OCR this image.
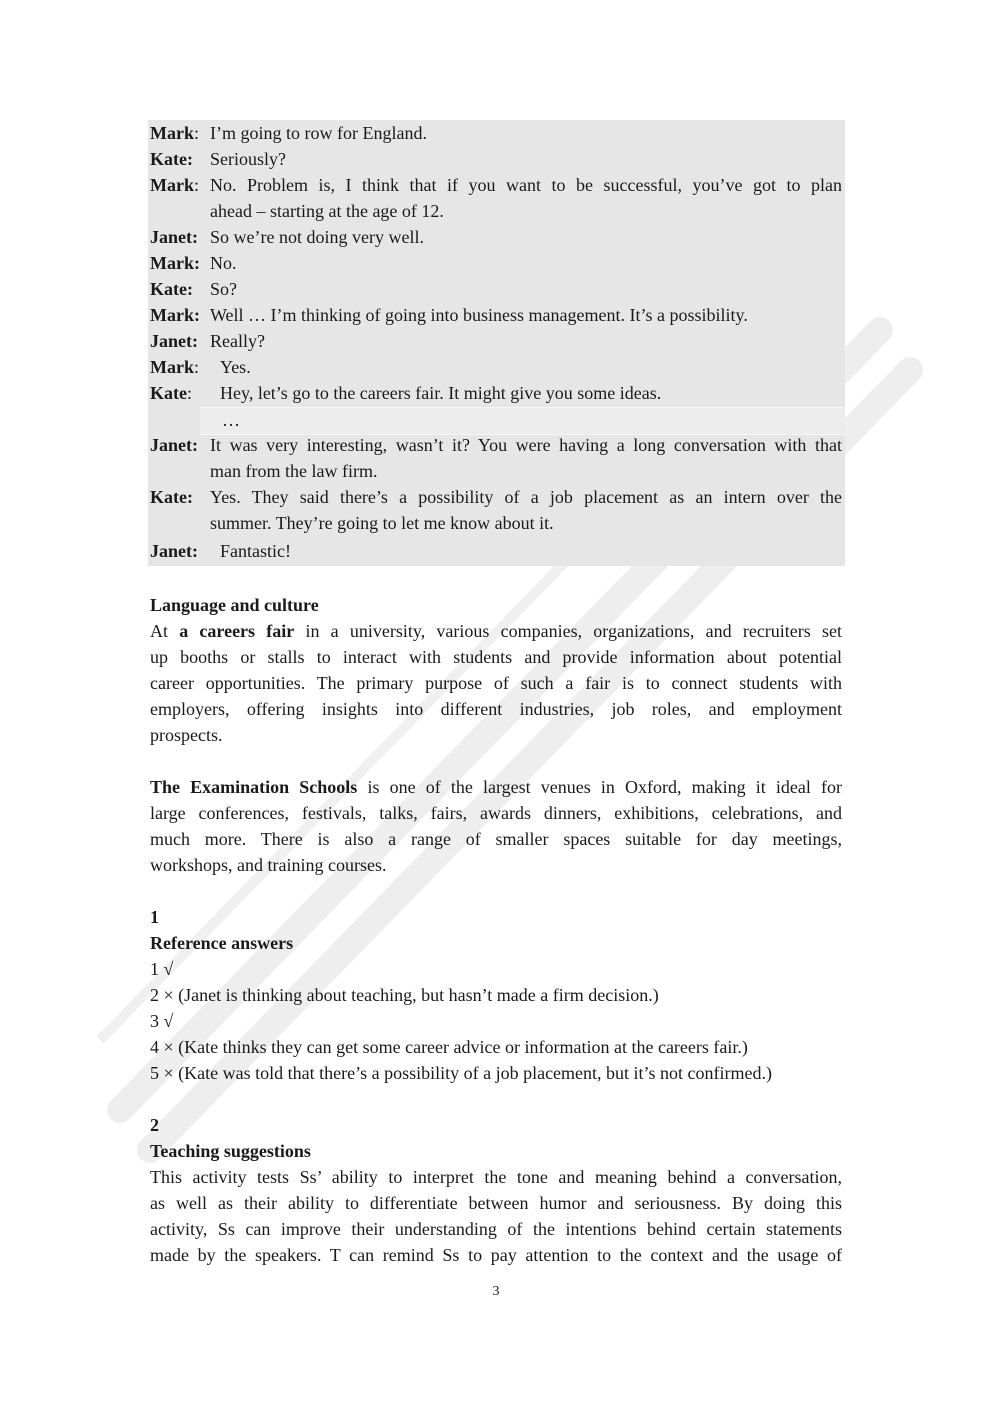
Mark: I’m going to row for England.
Kate: Seriously?
Mark: No. Problem is, I think that if you want to be successful, you’ve got to plan
ahead – starting at the age of 12.
Janet: So we’re not doing very well.
Mark: No.
Kate: So?
Mark: Well … I’m thinking of going into business management. It’s a possibility.
Janet: Really?
Mark: Yes.
Kate: Hey, let’s go to the careers fair. It might give you some ideas.
…
Janet: It was very interesting, wasn’t it? You were having a long conversation with that
man from the law firm.
Kate: Yes. They said there’s a possibility of a job placement as an intern over the
summer. They’re going to let me know about it.
Janet: Fantastic!
Language and culture
At a careers fair in a university, various companies, organizations, and recruiters set
up booths or stalls to interact with students and provide information about potential
career opportunities. The primary purpose of such a fair is to connect students with
employers, offering insights into different industries, job roles, and employment
prospects.
The Examination Schools is one of the largest venues in Oxford, making it ideal for
large conferences, festivals, talks, fairs, awards dinners, exhibitions, celebrations, and
much more. There is also a range of smaller spaces suitable for day meetings,
workshops, and training courses.
1
Reference answers
1 √
2 × (Janet is thinking about teaching, but hasn’t made a firm decision.)
3 √
4 × (Kate thinks they can get some career advice or information at the careers fair.)
5 × (Kate was told that there’s a possibility of a job placement, but it’s not confirmed.)
2
Teaching suggestions
This activity tests Ss’ ability to interpret the tone and meaning behind a conversation,
as well as their ability to differentiate between humor and seriousness. By doing this
activity, Ss can improve their understanding of the intentions behind certain statements
made by the speakers. T can remind Ss to pay attention to the context and the usage of
3
